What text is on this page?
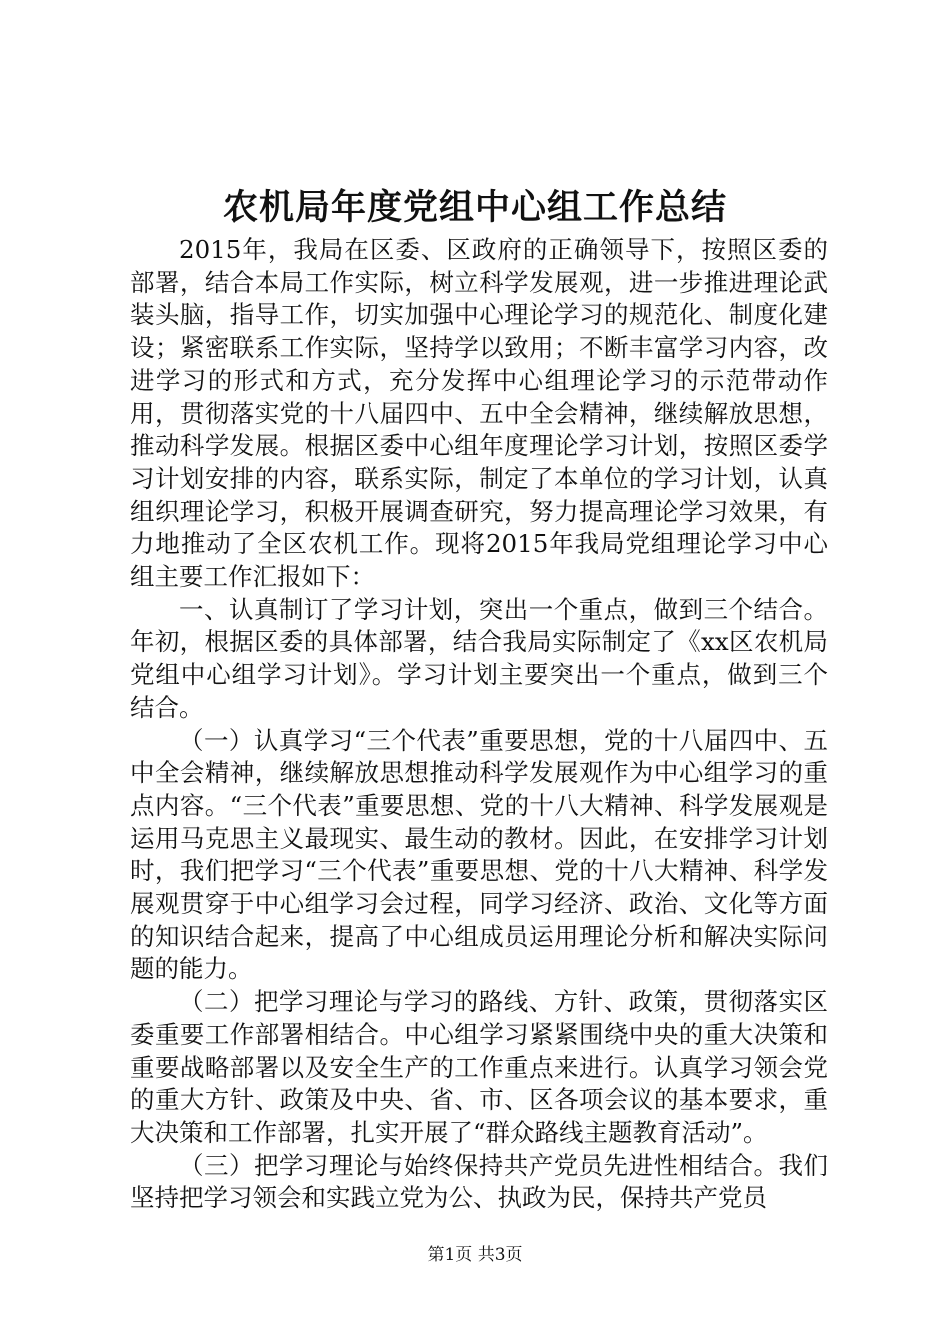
农机局年度党组中心组工作总结

2015年，我局在区委、区政府的正确领导下，按照区委的部署，结合本局工作实际，树立科学发展观，进一步推进理论武装头脑，指导工作，切实加强中心理论学习的规范化、制度化建设；紧密联系工作实际，坚持学以致用；不断丰富学习内容，改进学习的形式和方式，充分发挥中心组理论学习的示范带动作用，贯彻落实党的十八届四中、五中全会精神，继续解放思想，推动科学发展。根据区委中心组年度理论学习计划，按照区委学习计划安排的内容，联系实际，制定了本单位的学习计划，认真组织理论学习，积极开展调查研究，努力提高理论学习效果，有力地推动了全区农机工作。现将2015年我局党组理论学习中心组主要工作汇报如下：

一、认真制订了学习计划，突出一个重点，做到三个结合。年初，根据区委的具体部署，结合我局实际制定了《xx区农机局党组中心组学习计划》。学习计划主要突出一个重点，做到三个结合。

（一）认真学习“三个代表”重要思想，党的十八届四中、五中全会精神，继续解放思想推动科学发展观作为中心组学习的重点内容。“三个代表”重要思想、党的十八大精神、科学发展观是运用马克思主义最现实、最生动的教材。因此，在安排学习计划时，我们把学习“三个代表”重要思想、党的十八大精神、科学发展观贯穿于中心组学习会过程，同学习经济、政治、文化等方面的知识结合起来，提高了中心组成员运用理论分析和解决实际问题的能力。

（二）把学习理论与学习的路线、方针、政策，贯彻落实区委重要工作部署相结合。中心组学习紧紧围绕中央的重大决策和重要战略部署以及安全生产的工作重点来进行。认真学习领会党的重大方针、政策及中央、省、市、区各项会议的基本要求，重大决策和工作部署，扎实开展了“群众路线主题教育活动”。

（三）把学习理论与始终保持共产党员先进性相结合。我们坚持把学习领会和实践立党为公、执政为民，保持共产党员

第1页 共3页
